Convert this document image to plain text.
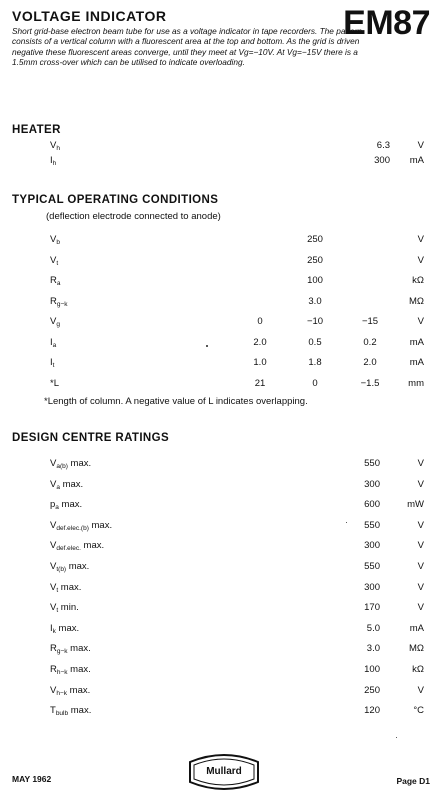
VOLTAGE INDICATOR	EM87
Short grid-base electron beam tube for use as a voltage indicator in tape recorders. The pattern consists of a vertical column with a fluorescent area at the top and bottom. As the grid is driven negative these fluorescent areas converge, until they meet at Vg=−10V. At Vg=−15V there is a 1.5mm cross-over which can be utilised to indicate overloading.
HEATER
$V_h$	6.3	V
$I_h$	300 mA
TYPICAL OPERATING CONDITIONS
(deflection electrode connected to anode)
$V_b$	250	V
$V_t$	250	V
$R_a$	100	kΩ
$R_{g-k}$	3.0	MΩ
$V_g$	0	−10	−15	V
$I_a$	2.0	0.5	0.2	mA
$I_t$	1.0	1.8	2.0	mA
*L	21	0	−1.5	mm
*Length of column. A negative value of L indicates overlapping.
DESIGN CENTRE RATINGS
$V_{a(b)}$ max.	550	V
$V_a$ max.	300	V
$p_a$ max.	600	mW
$V_{def.elec.(b)}$ max.	550	V
$V_{def.elec.}$ max.	300	V
$V_{t(b)}$ max.	550	V
$V_t$ max.	300	V
$V_t$ min.	170	V
$I_k$ max.	5.0	mA
$R_{g-k}$ max.	3.0	MΩ
$R_{h-k}$ max.	100	kΩ
$V_{h-k}$ max.	250	V
$T_{bulb}$ max.	120	°C
MAY 1962
Mullard
Page D1
